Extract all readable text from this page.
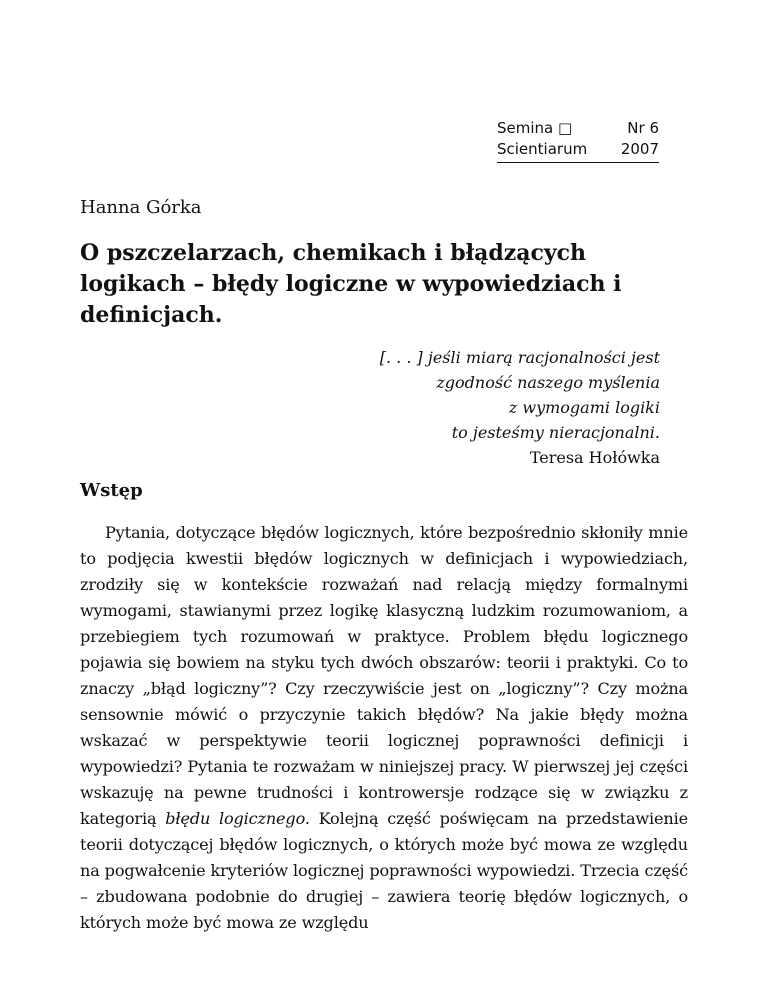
Semina □	Nr 6
Scientiarum 2007
Hanna Górka
O pszczelarzach, chemikach i błądzących logikach – błędy logiczne w wypowiedziach i definicjach.
[. . . ] jeśli miarą racjonalności jest
zgodność naszego myślenia
z wymogami logiki
to jesteśmy nieracjonalni.
Teresa Hołówka
Wstęp

Pytania, dotyczące błędów logicznych, które bezpośrednio skłoniły mnie to podjęcia kwestii błędów logicznych w definicjach i wypowiedziach, zrodziły się w kontekście rozważań nad relacją między formalnymi wymogami, stawianymi przez logikę klasyczną ludzkim rozumowaniom, a przebiegiem tych rozumowań w praktyce. Problem błędu logicznego pojawia się bowiem na styku tych dwóch obszarów: teorii i praktyki. Co to znaczy „błąd logiczny”? Czy rzeczywiście jest on „logiczny”? Czy można sensownie mówić o przyczynie takich błędów? Na jakie błędy można wskazać w perspektywie teorii logicznej poprawności definicji i wypowiedzi? Pytania te rozważam w niniejszej pracy. W pierwszej jej części wskazuję na pewne trudności i kontrowersje rodzące się w związku z kategorią błędu logicznego. Kolejną część poświęcam na przedstawienie teorii dotyczącej błędów logicznych, o których może być mowa ze względu na pogwałcenie kryteriów logicznej poprawności wypowiedzi. Trzecia część – zbudowana podobnie do drugiej – zawiera teorię błędów logicznych, o których może być mowa ze względu
